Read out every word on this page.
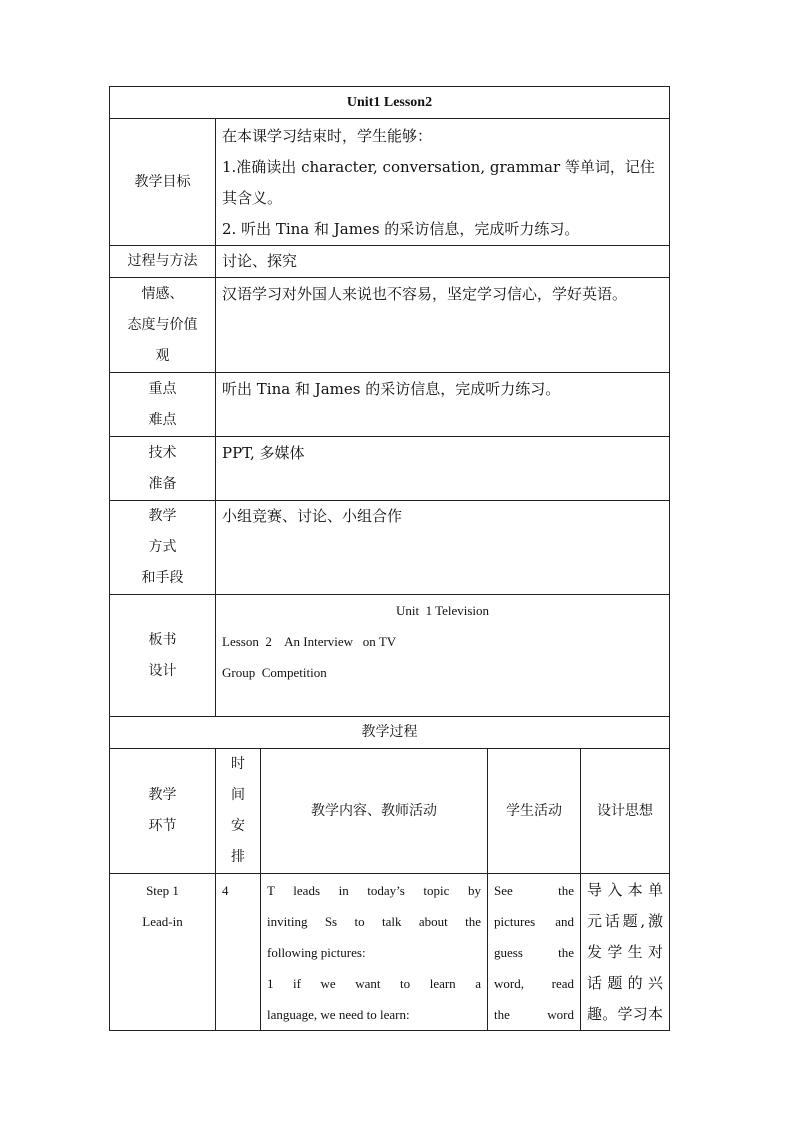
Unit1 Lesson2				
教学目标	在本课学习结束时，学生能够：
1.准确读出 character, conversation, grammar 等单词，记住其含义。
2. 听出 Tina 和 James 的采访信息，完成听力练习。			

过程与方法	讨论、探究			

情感、
态度与价值
观	汉语学习对外国人来说也不容易，坚定学习信心，学好英语。			

重点
难点	听出 Tina 和 James 的采访信息，完成听力练习。			

技术
准备	PPT, 多媒体			

教学
方式
和手段	小组竞赛、讨论、小组合作			

板书
设计	Unit  1 Television
Lesson  2    An Interview   on TV
Group  Competition			

教学过程				

教学
环节	时
间
安
排	教学内容、教师活动	学生活动	设计思想

Step 1
Lead-in	4	T leads in today’s topic by
inviting Ss to talk about the
following pictures:
1 if we want to learn a
language, we need to learn:	See the
pictures and
guess the
word, read
the word	导入本单
元话题,激
发学生对
话题的兴
趣。学习本
